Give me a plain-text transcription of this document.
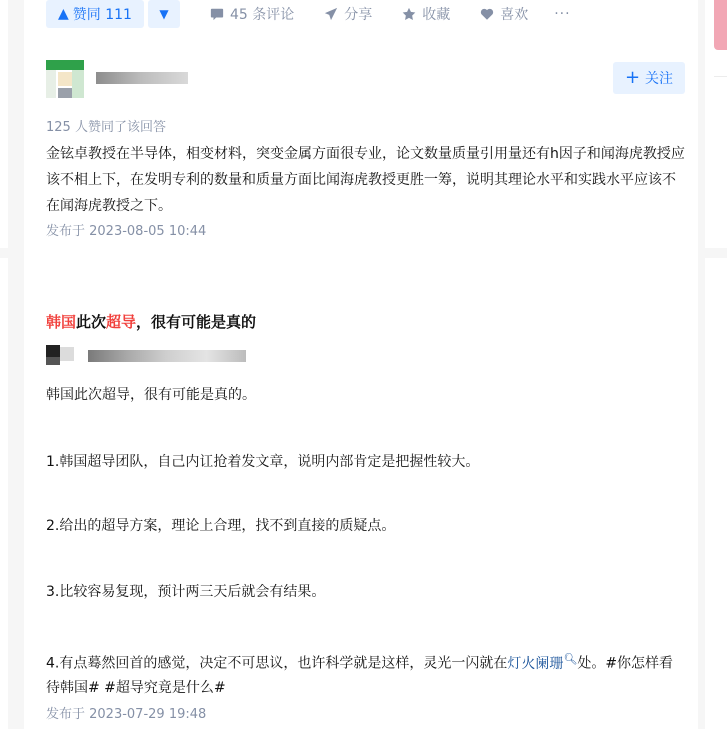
▲ 赞同 111 ▼	45 条评论	分享	收藏	喜欢 ···
+ 关注
125 人赞同了该回答
金铉卓教授在半导体，相变材料，突变金属方面很专业，论文数量质量引用量还有h因子和闻海虎教授应该不相上下，在发明专利的数量和质量方面比闻海虎教授更胜一筹，说明其理论水平和实践水平应该不在闻海虎教授之下。
发布于 2023-08-05 10:44
韩国此次超导，很有可能是真的

韩国此次超导，很有可能是真的。

1.韩国超导团队，自己内讧抢着发文章，说明内部肯定是把握性较大。

2.给出的超导方案，理论上合理，找不到直接的质疑点。

3.比较容易复现，预计两三天后就会有结果。

4.有点蓦然回首的感觉，决定不可思议，也许科学就是这样，灵光一闪就在灯火阑珊🔍︎处。#你怎样看待韩国# #超导究竟是什么#

发布于 2023-07-29 19:48
